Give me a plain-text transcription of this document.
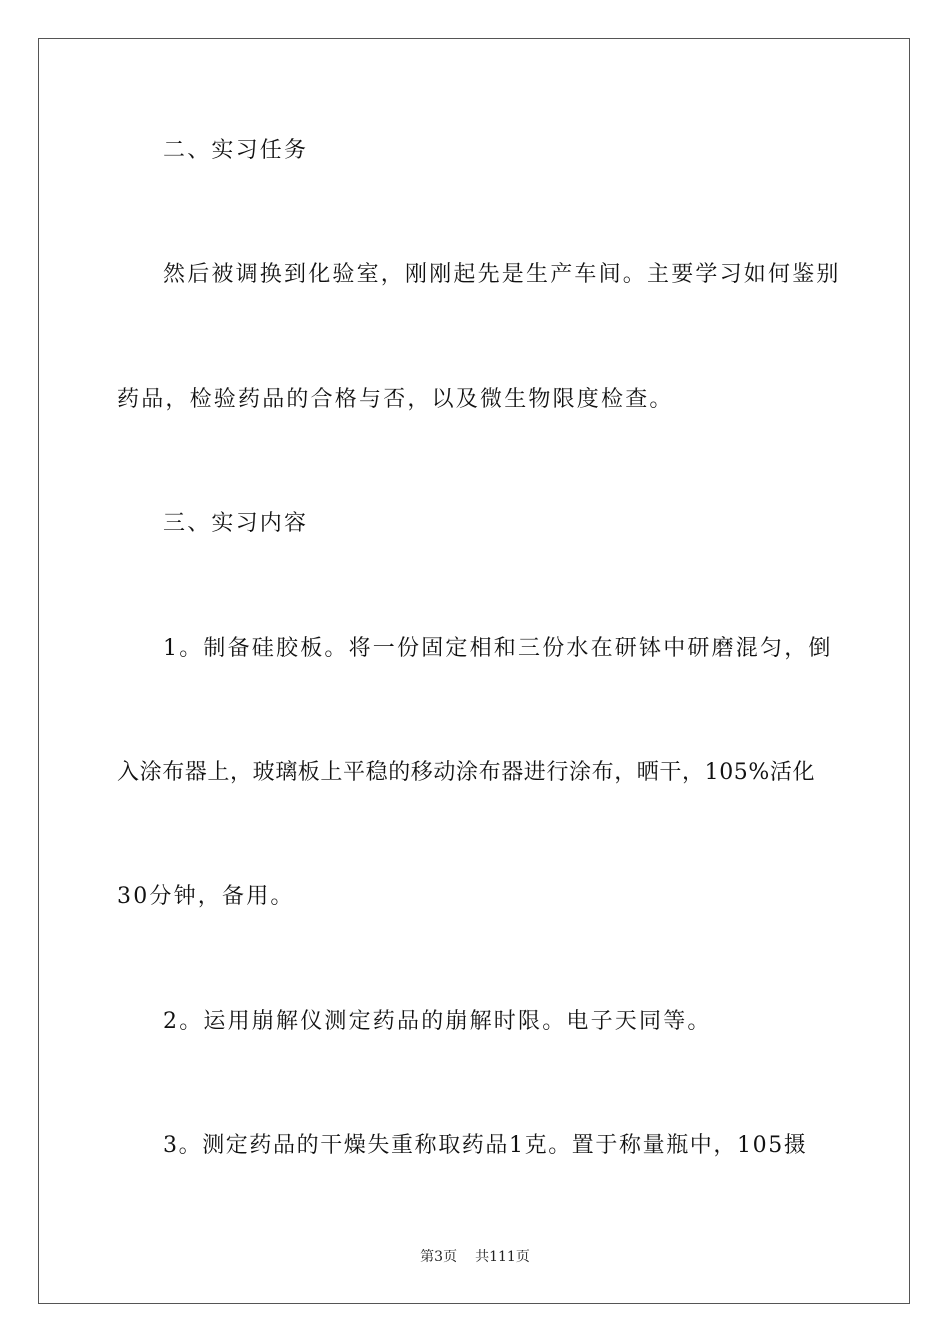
二、实习任务
然后被调换到化验室，刚刚起先是生产车间。主要学习如何鉴别
药品，检验药品的合格与否，以及微生物限度检查。
三、实习内容
1。制备硅胶板。将一份固定相和三份水在研钵中研磨混匀，倒
入涂布器上，玻璃板上平稳的移动涂布器进行涂布，晒干，105%活化
30分钟，备用。
2。运用崩解仪测定药品的崩解时限。电子天同等。
3。测定药品的干燥失重称取药品1克。置于称量瓶中，105摄
第3页 共111页
